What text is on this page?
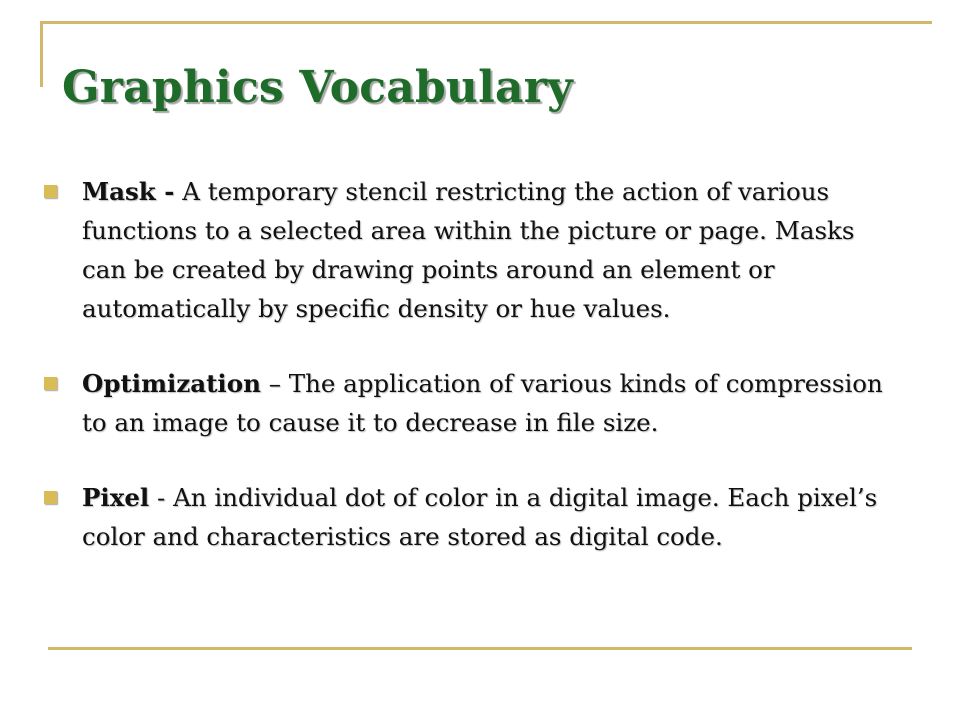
Graphics Vocabulary
Mask - A temporary stencil restricting the action of various functions to a selected area within the picture or page. Masks can be created by drawing points around an element or automatically by specific density or hue values.
Optimization – The application of various kinds of compression to an image to cause it to decrease in file size.
Pixel - An individual dot of color in a digital image. Each pixel’s color and characteristics are stored as digital code.
